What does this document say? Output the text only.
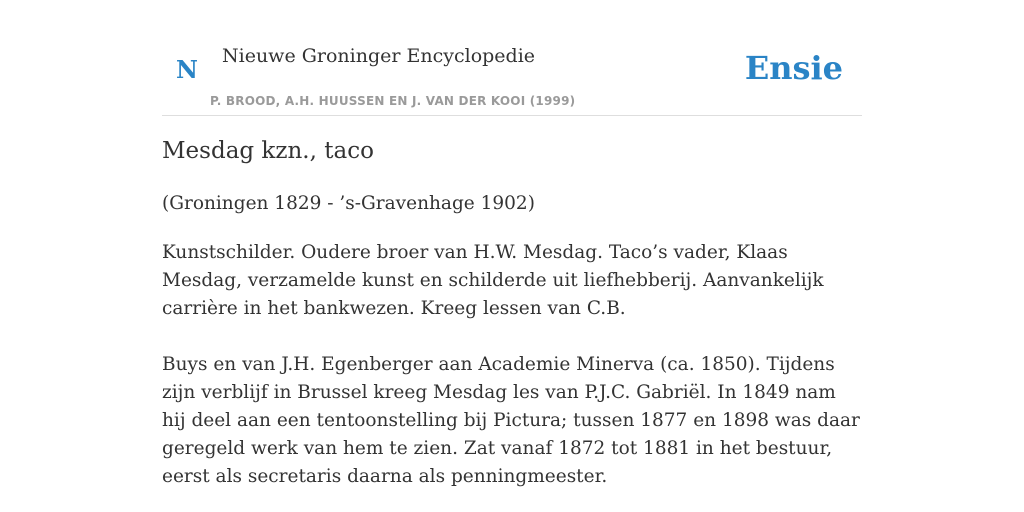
N Nieuwe Groninger Encyclopedie
P. BROOD, A.H. HUUSSEN EN J. VAN DER KOOI (1999)
Ensie
Mesdag kzn., taco
(Groningen 1829 - ’s-Gravenhage 1902)

Kunstschilder. Oudere broer van H.W. Mesdag. Taco’s vader, Klaas Mesdag, verzamelde kunst en schilderde uit liefhebberij. Aanvankelijk carrière in het bankwezen. Kreeg lessen van C.B.

Buys en van J.H. Egenberger aan Academie Minerva (ca. 1850). Tijdens zijn verblijf in Brussel kreeg Mesdag les van P.J.C. Gabriël. In 1849 nam hij deel aan een tentoonstelling bij Pictura; tussen 1877 en 1898 was daar geregeld werk van hem te zien. Zat vanaf 1872 tot 1881 in het bestuur, eerst als secretaris daarna als penningmeester.
